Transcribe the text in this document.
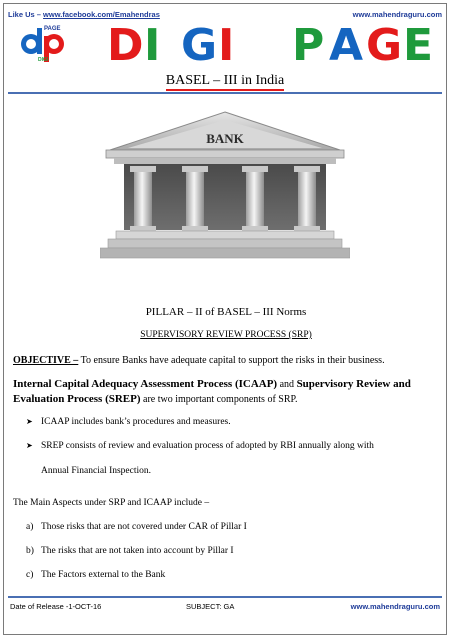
Like Us – www.facebook.com/Emahendras	www.mahendraguru.com
PAGE
DIGI D I G I P A G E
BASEL – III in India
BANK
PILLAR – II of BASEL – III Norms
SUPERVISORY REVIEW PROCESS (SRP)
OBJECTIVE – To ensure Banks have adequate capital to support the risks in their business.
Internal Capital Adequacy Assessment Process (ICAAP) and Supervisory Review and Evaluation Process (SREP) are two important components of SRP.
➤ ICAAP includes bank’s procedures and measures.
➤ SREP consists of review and evaluation process of adopted by RBI annually along with
Annual Financial Inspection.
The Main Aspects under SRP and ICAAP include –
a) Those risks that are not covered under CAR of Pillar I
b) The risks that are not taken into account by Pillar I
c) The Factors external to the Bank
Date of Release -1-OCT-16	SUBJECT: GA	www.mahendraguru.com
